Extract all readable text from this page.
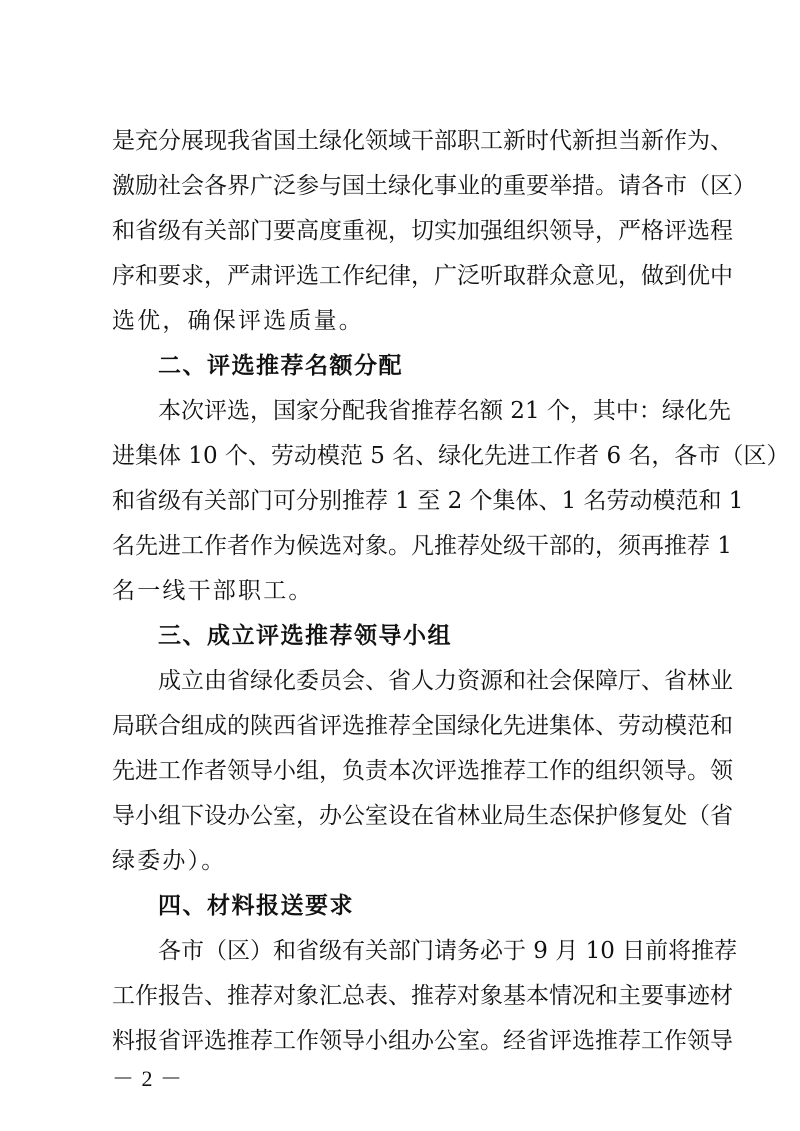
是充分展现我省国土绿化领域干部职工新时代新担当新作为、
激励社会各界广泛参与国土绿化事业的重要举措。请各市（区）
和省级有关部门要高度重视，切实加强组织领导，严格评选程
序和要求，严肃评选工作纪律，广泛听取群众意见，做到优中
选优，确保评选质量。
二、评选推荐名额分配
本次评选，国家分配我省推荐名额 21 个，其中：绿化先
进集体 10 个、劳动模范 5 名、绿化先进工作者 6 名，各市（区）
和省级有关部门可分别推荐 1 至 2 个集体、1 名劳动模范和 1
名先进工作者作为候选对象。凡推荐处级干部的，须再推荐 1
名一线干部职工。
三、成立评选推荐领导小组
成立由省绿化委员会、省人力资源和社会保障厅、省林业
局联合组成的陕西省评选推荐全国绿化先进集体、劳动模范和
先进工作者领导小组，负责本次评选推荐工作的组织领导。领
导小组下设办公室，办公室设在省林业局生态保护修复处（省
绿委办）。
四、材料报送要求
各市（区）和省级有关部门请务必于 9 月 10 日前将推荐
工作报告、推荐对象汇总表、推荐对象基本情况和主要事迹材
料报省评选推荐工作领导小组办公室。经省评选推荐工作领导
－ 2 －
